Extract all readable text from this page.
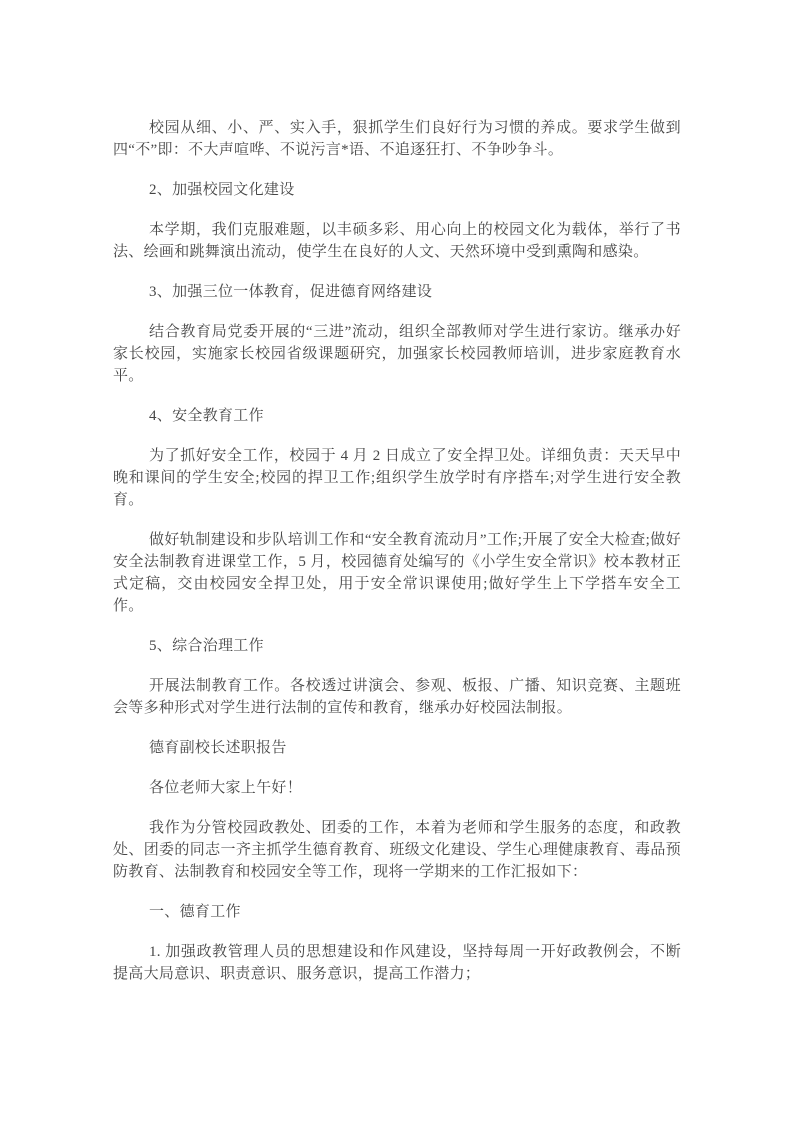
校园从细、小、严、实入手，狠抓学生们良好行为习惯的养成。要求学生做到四“不”即：不大声喧哗、不说污言*语、不追逐狂打、不争吵争斗。

2、加强校园文化建设

本学期，我们克服难题，以丰硕多彩、用心向上的校园文化为载体，举行了书法、绘画和跳舞演出流动，使学生在良好的人文、天然环境中受到熏陶和感染。

3、加强三位一体教育，促进德育网络建设

结合教育局党委开展的“三进”流动，组织全部教师对学生进行家访。继承办好家长校园，实施家长校园省级课题研究，加强家长校园教师培训，进步家庭教育水平。

4、安全教育工作

为了抓好安全工作，校园于 4 月 2 日成立了安全捍卫处。详细负责：天天早中晚和课间的学生安全;校园的捍卫工作;组织学生放学时有序搭车;对学生进行安全教育。

做好轨制建设和步队培训工作和“安全教育流动月”工作;开展了安全大检查;做好安全法制教育进课堂工作，5 月，校园德育处编写的《小学生安全常识》校本教材正式定稿，交由校园安全捍卫处，用于安全常识课使用;做好学生上下学搭车安全工作。

5、综合治理工作

开展法制教育工作。各校透过讲演会、参观、板报、广播、知识竞赛、主题班会等多种形式对学生进行法制的宣传和教育，继承办好校园法制报。

德育副校长述职报告

各位老师大家上午好！

我作为分管校园政教处、团委的工作，本着为老师和学生服务的态度，和政教处、团委的同志一齐主抓学生德育教育、班级文化建设、学生心理健康教育、毒品预防教育、法制教育和校园安全等工作，现将一学期来的工作汇报如下：

一、德育工作

1. 加强政教管理人员的思想建设和作风建设，坚持每周一开好政教例会，不断提高大局意识、职责意识、服务意识，提高工作潜力；
